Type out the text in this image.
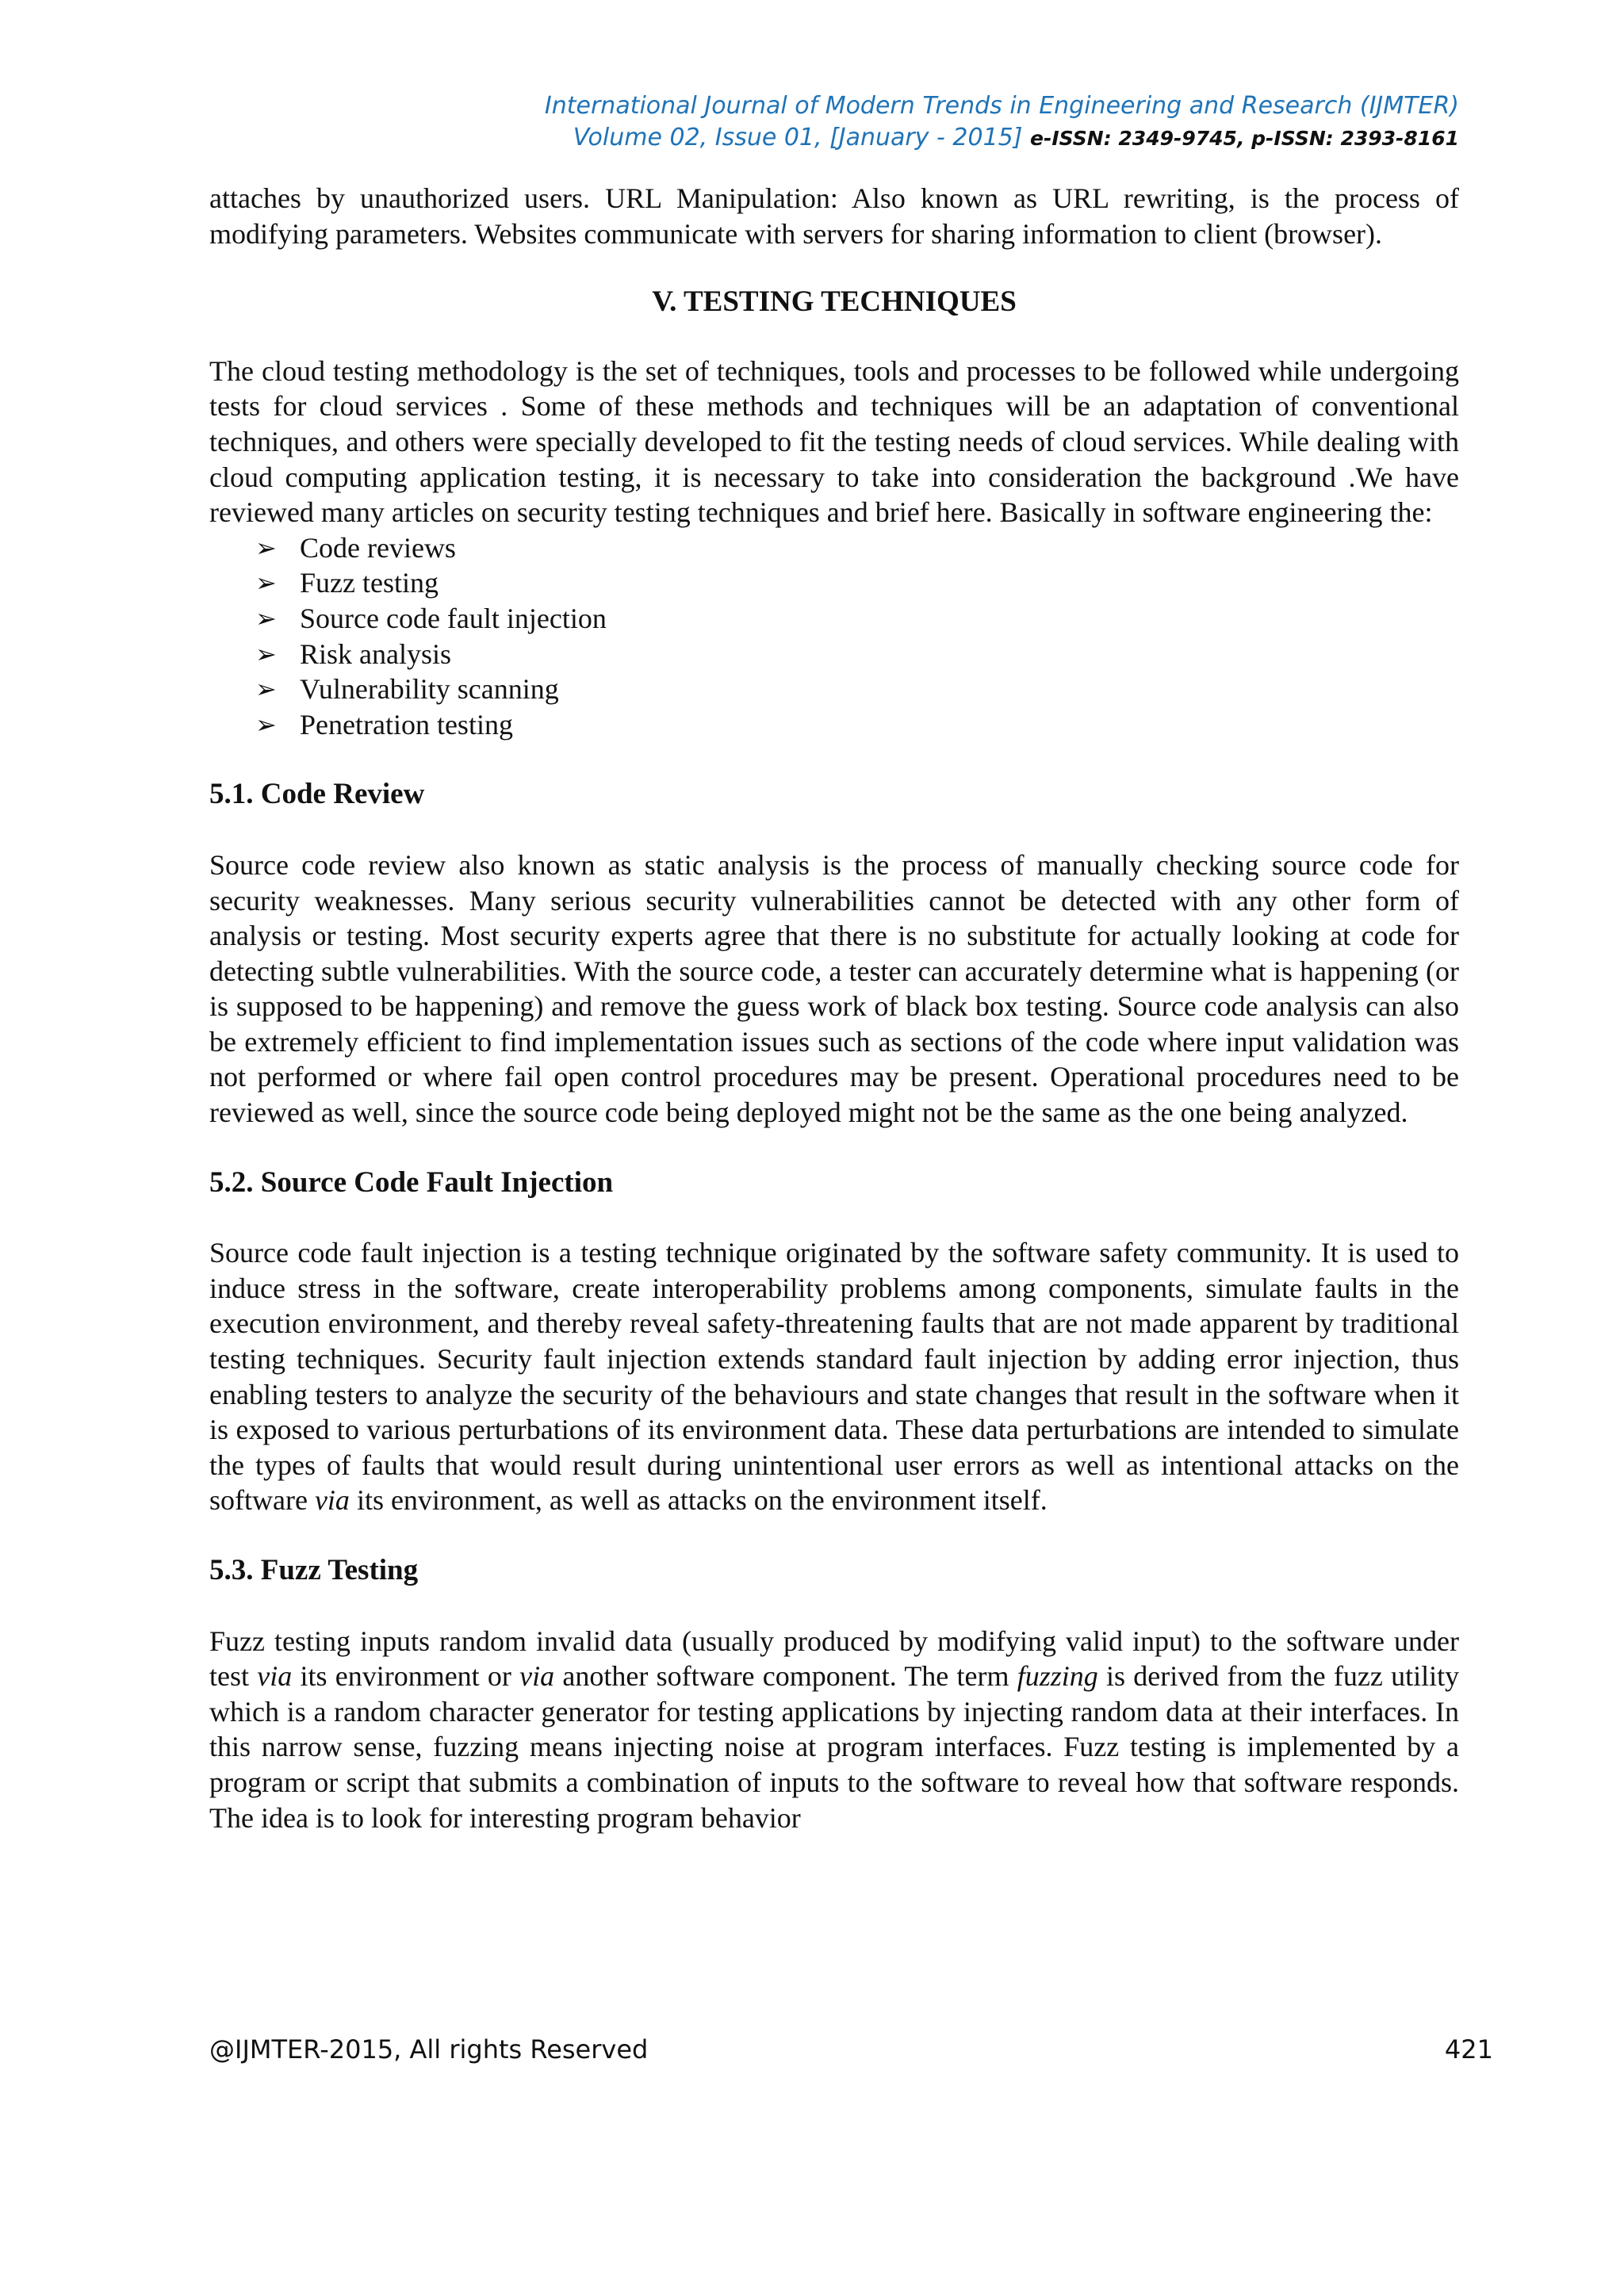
International Journal of Modern Trends in Engineering and Research (IJMTER)
Volume 02, Issue 01, [January - 2015] e-ISSN: 2349-9745, p-ISSN: 2393-8161

attaches by unauthorized users. URL Manipulation: Also known as URL rewriting, is the process of modifying parameters. Websites communicate with servers for sharing information to client (browser).

V. TESTING TECHNIQUES

The cloud testing methodology is the set of techniques, tools and processes to be followed while undergoing tests for cloud services . Some of these methods and techniques will be an adaptation of conventional techniques, and others were specially developed to fit the testing needs of cloud services. While dealing with cloud computing application testing, it is necessary to take into consideration the background .We have reviewed many articles on security testing techniques and brief here. Basically in software engineering the:

➢ Code reviews
➢ Fuzz testing
➢ Source code fault injection
➢ Risk analysis
➢ Vulnerability scanning
➢ Penetration testing
5.1. Code Review

Source code review also known as static analysis is the process of manually checking source code for security weaknesses. Many serious security vulnerabilities cannot be detected with any other form of analysis or testing. Most security experts agree that there is no substitute for actually looking at code for detecting subtle vulnerabilities. With the source code, a tester can accurately determine what is happening (or is supposed to be happening) and remove the guess work of black box testing. Source code analysis can also be extremely efficient to find implementation issues such as sections of the code where input validation was not performed or where fail open control procedures may be present. Operational procedures need to be reviewed as well, since the source code being deployed might not be the same as the one being analyzed.

5.2. Source Code Fault Injection

Source code fault injection is a testing technique originated by the software safety community. It is used to induce stress in the software, create interoperability problems among components, simulate faults in the execution environment, and thereby reveal safety-threatening faults that are not made apparent by traditional testing techniques. Security fault injection extends standard fault injection by adding error injection, thus enabling testers to analyze the security of the behaviours and state changes that result in the software when it is exposed to various perturbations of its environment data. These data perturbations are intended to simulate the types of faults that would result during unintentional user errors as well as intentional attacks on the software via its environment, as well as attacks on the environment itself.

5.3. Fuzz Testing

Fuzz testing inputs random invalid data (usually produced by modifying valid input) to the software under test via its environment or via another software component. The term fuzzing is derived from the fuzz utility which is a random character generator for testing applications by injecting random data at their interfaces. In this narrow sense, fuzzing means injecting noise at program interfaces. Fuzz testing is implemented by a program or script that submits a combination of inputs to the software to reveal how that software responds. The idea is to look for interesting program behavior

@IJMTER-2015, All rights Reserved	421
